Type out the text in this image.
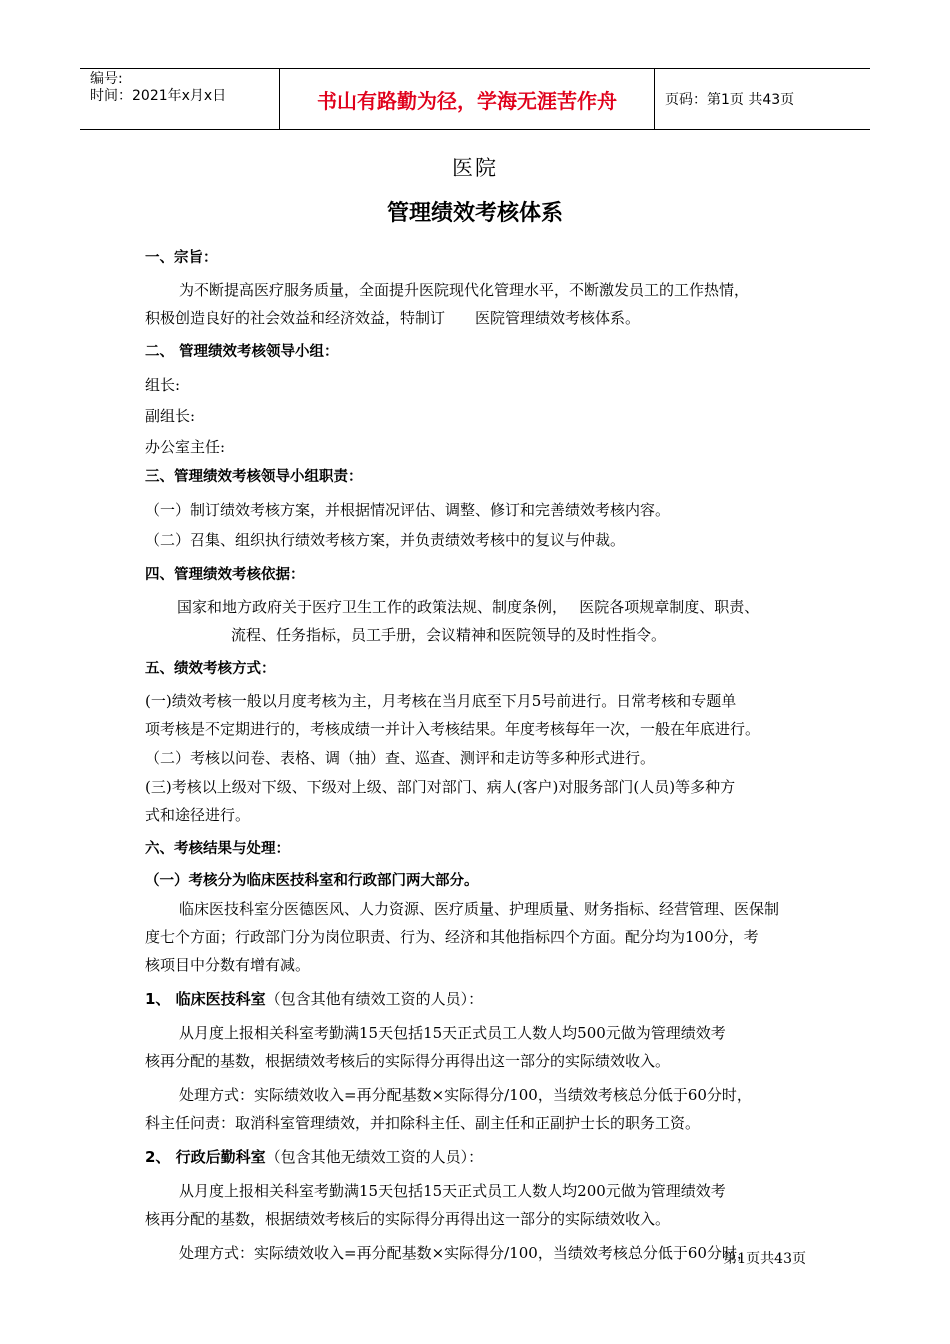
编号:
时间：2021年x月x日	书山有路勤为径，学海无涯苦作舟	页码：第1页 共43页
医院
管理绩效考核体系

一、宗旨：

为不断提高医疗服务质量，全面提升医院现代化管理水平，不断激发员工的工作热情，

积极创造良好的社会效益和经济效益，特制订　　医院管理绩效考核体系。

二、 管理绩效考核领导小组：

组长:

副组长:

办公室主任:

三、管理绩效考核领导小组职责：

（一）制订绩效考核方案，并根据情况评估、调整、修订和完善绩效考核内容。

（二）召集、组织执行绩效考核方案，并负责绩效考核中的复议与仲裁。

四、管理绩效考核依据：

国家和地方政府关于医疗卫生工作的政策法规、制度条例，　 医院各项规章制度、职责、

流程、任务指标，员工手册，会议精神和医院领导的及时性指令。

五、绩效考核方式：

(一)绩效考核一般以月度考核为主，月考核在当月底至下月5号前进行。日常考核和专题单

项考核是不定期进行的，考核成绩一并计入考核结果。年度考核每年一次，一般在年底进行。

（二）考核以问卷、表格、调（抽）查、巡查、测评和走访等多种形式进行。

(三)考核以上级对下级、下级对上级、部门对部门、病人(客户)对服务部门(人员)等多种方

式和途径进行。

六、考核结果与处理：

（一）考核分为临床医技科室和行政部门两大部分。

临床医技科室分医德医风、人力资源、医疗质量、护理质量、财务指标、经营管理、医保制

度七个方面；行政部门分为岗位职责、行为、经济和其他指标四个方面。配分均为100分，考

核项目中分数有增有减。

1、 临床医技科室（包含其他有绩效工资的人员）：

从月度上报相关科室考勤满15天包括15天正式员工人数人均500元做为管理绩效考

核再分配的基数，根据绩效考核后的实际得分再得出这一部分的实际绩效收入。

处理方式：实际绩效收入=再分配基数×实际得分/100，当绩效考核总分低于60分时，

科主任问责：取消科室管理绩效，并扣除科主任、副主任和正副护士长的职务工资。

2、 行政后勤科室（包含其他无绩效工资的人员）：

从月度上报相关科室考勤满15天包括15天正式员工人数人均200元做为管理绩效考

核再分配的基数，根据绩效考核后的实际得分再得出这一部分的实际绩效收入。

处理方式：实际绩效收入=再分配基数×实际得分/100，当绩效考核总分低于60分时，

第1页共43页
